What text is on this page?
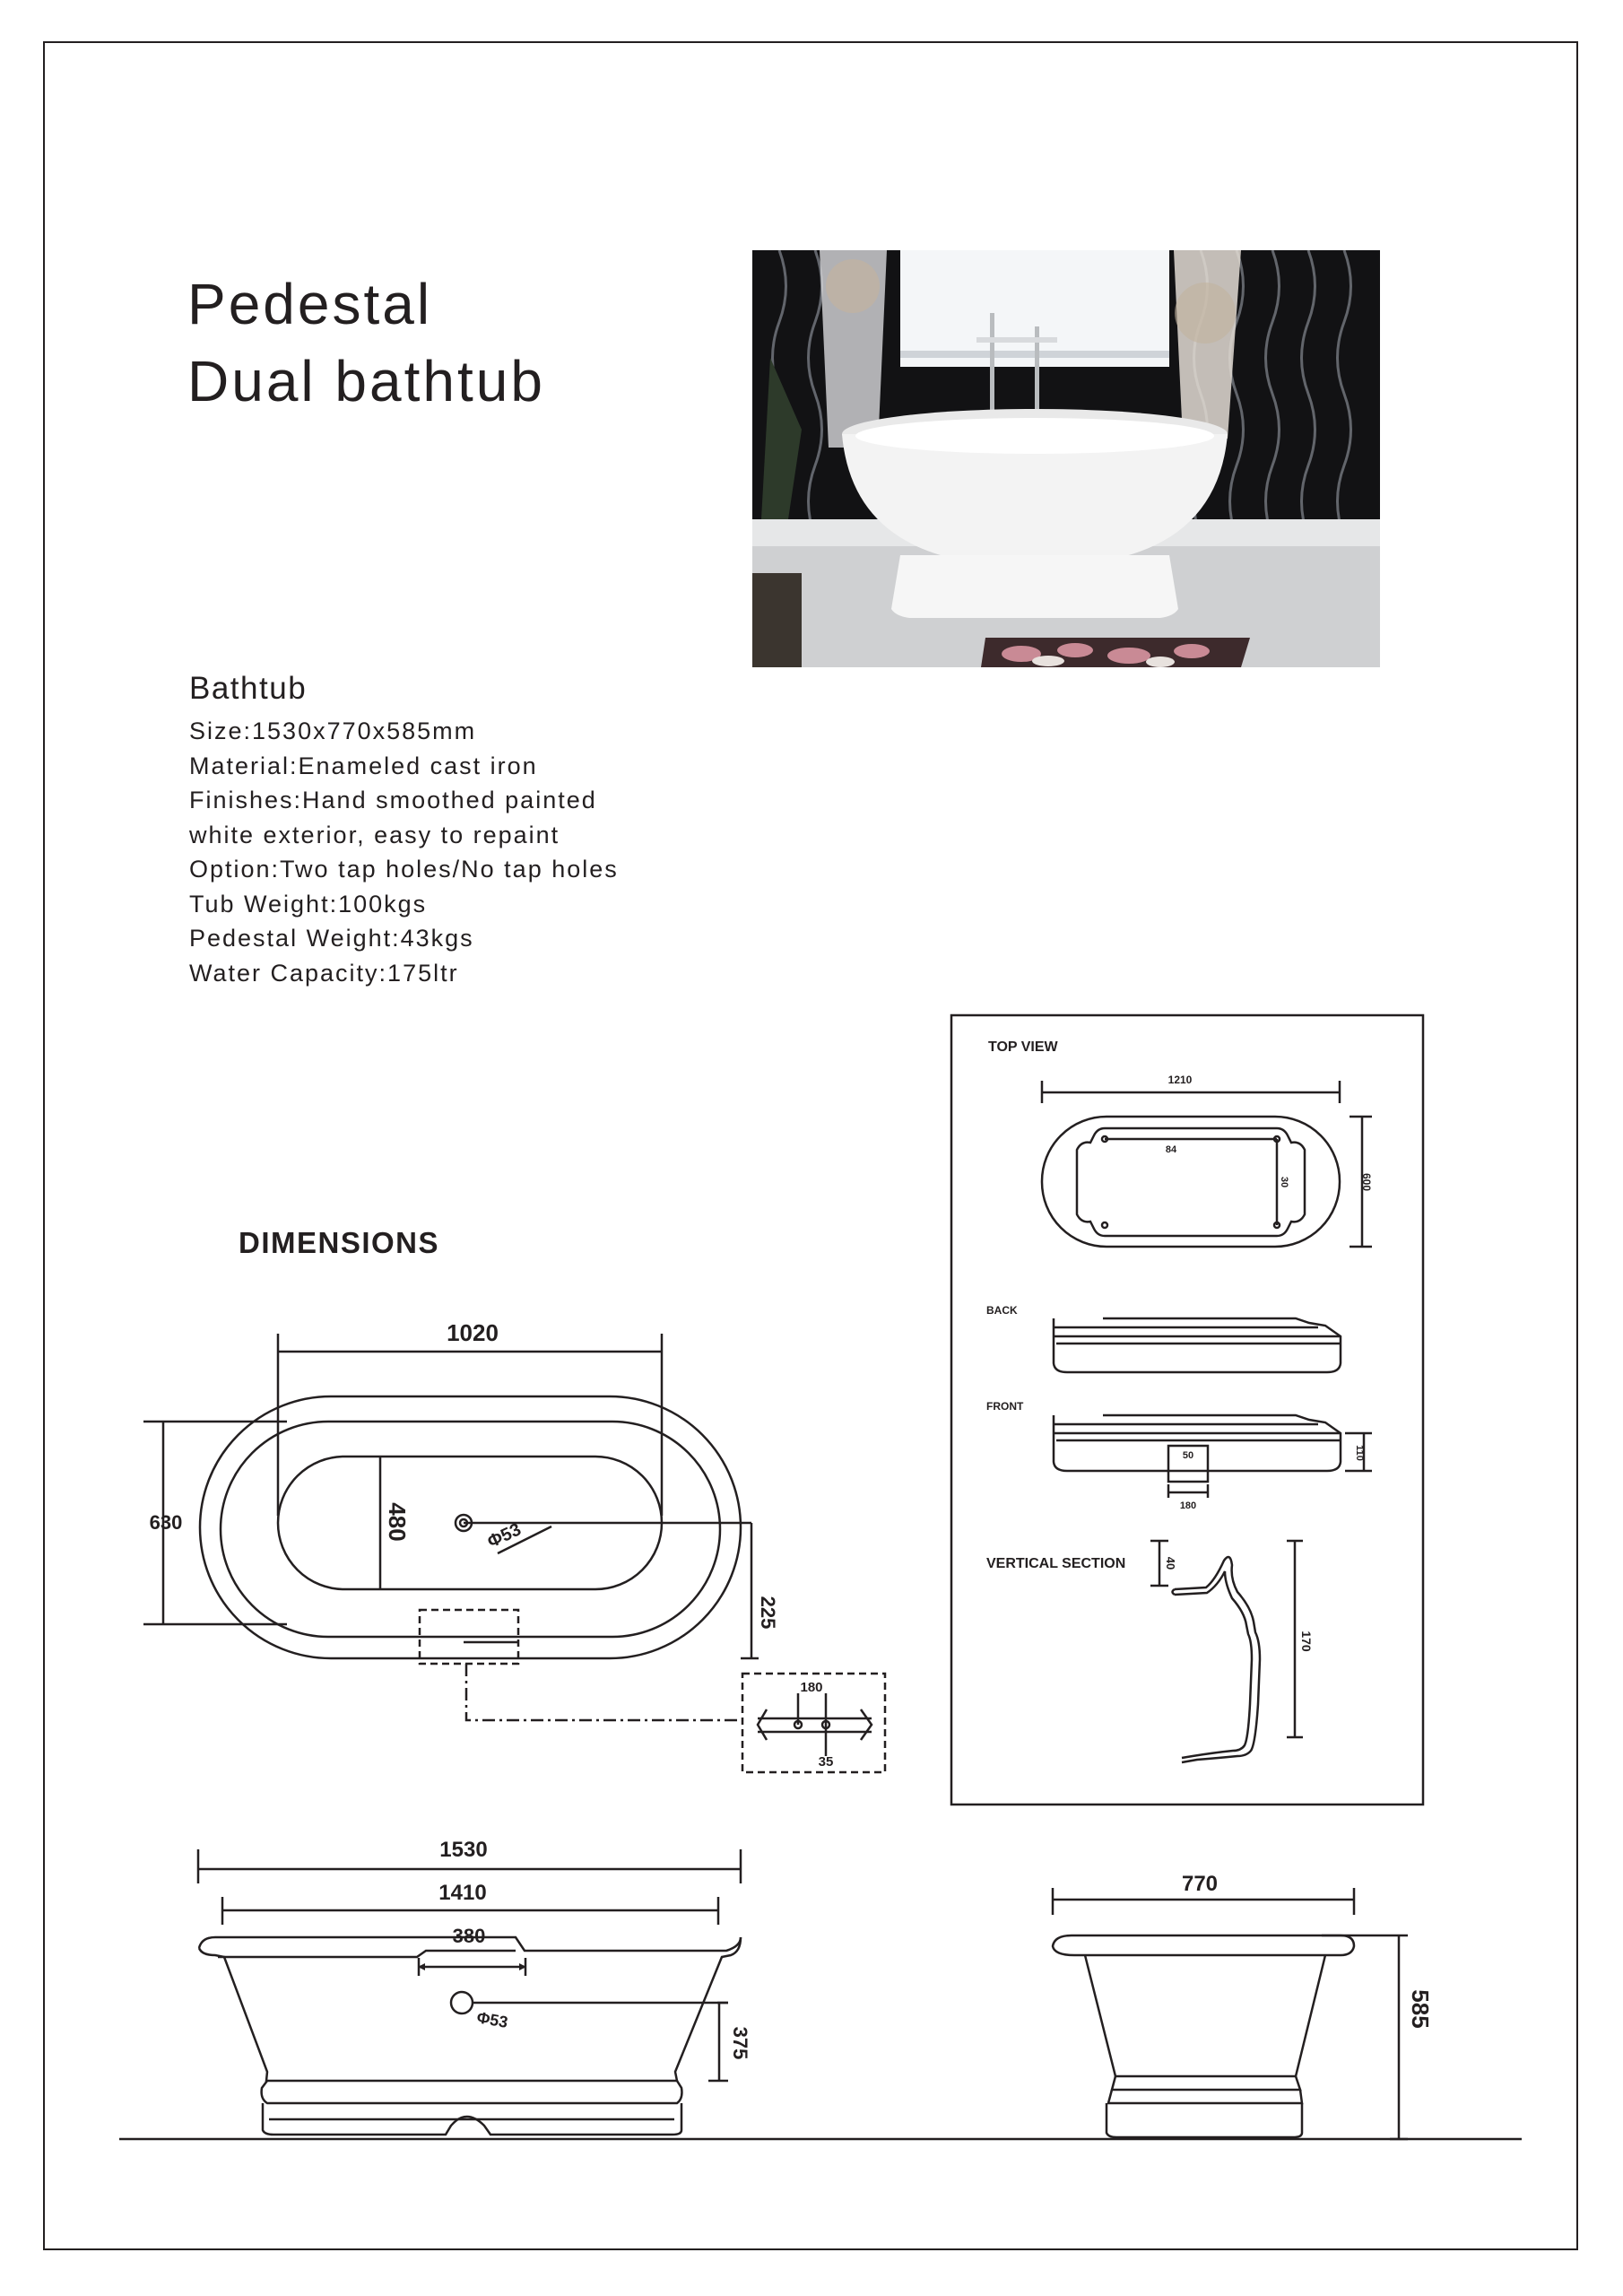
Pedestal
Dual bathtub
Bathtub
Size:1530x770x585mm
Material:Enameled cast iron
Finishes:Hand smoothed painted
white exterior, easy to repaint
Option:Two tap holes/No tap holes
Tub Weight:100kgs
Pedestal Weight:43kgs
Water Capacity:175ltr
DIMENSIONS
1020
480
630	Φ53
225
180
35
1530
1410
380
Φ53
375
770
585
TOP VIEW
1210
600
84
30
BACK
FRONT
50
180
110
VERTICAL SECTION	40
170
